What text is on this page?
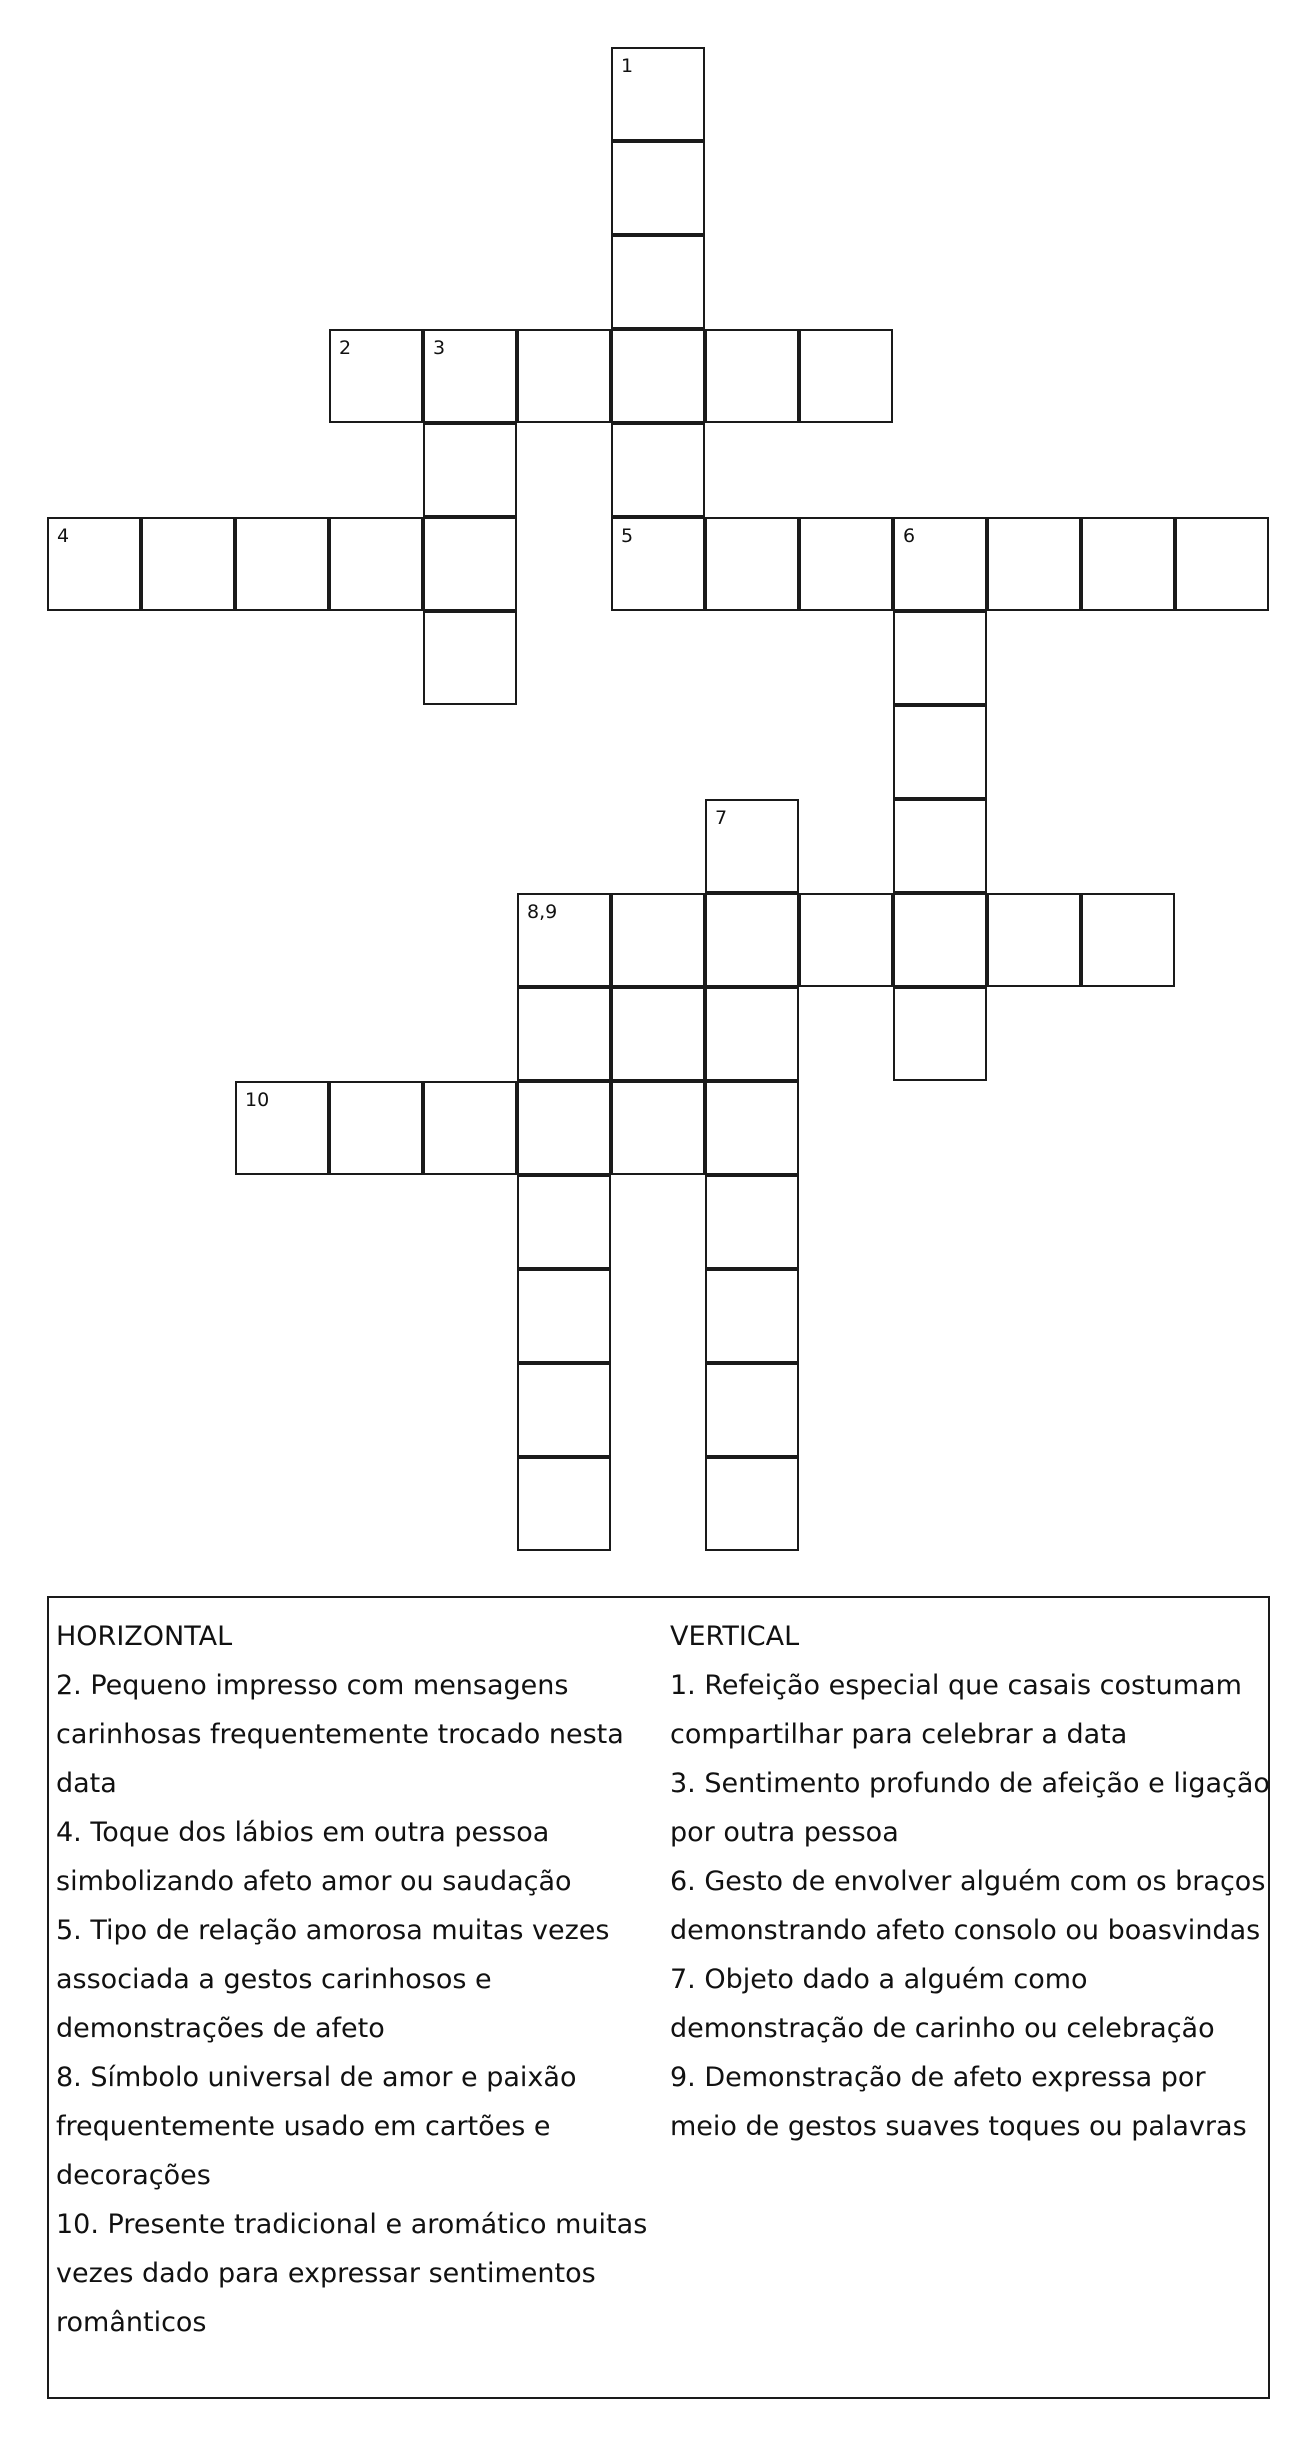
1
2	3
4	5	6
7
8,9
10
HORIZONTAL

2. Pequeno impresso com mensagens

carinhosas frequentemente trocado nesta

data

4. Toque dos lábios em outra pessoa

simbolizando afeto amor ou saudação

5. Tipo de relação amorosa muitas vezes

associada a gestos carinhosos e

demonstrações de afeto

8. Símbolo universal de amor e paixão

frequentemente usado em cartões e

decorações

10. Presente tradicional e aromático muitas

vezes dado para expressar sentimentos

românticos

VERTICAL

1. Refeição especial que casais costumam

compartilhar para celebrar a data

3. Sentimento profundo de afeição e ligação

por outra pessoa

6. Gesto de envolver alguém com os braços

demonstrando afeto consolo ou boasvindas

7. Objeto dado a alguém como

demonstração de carinho ou celebração

9. Demonstração de afeto expressa por

meio de gestos suaves toques ou palavras
